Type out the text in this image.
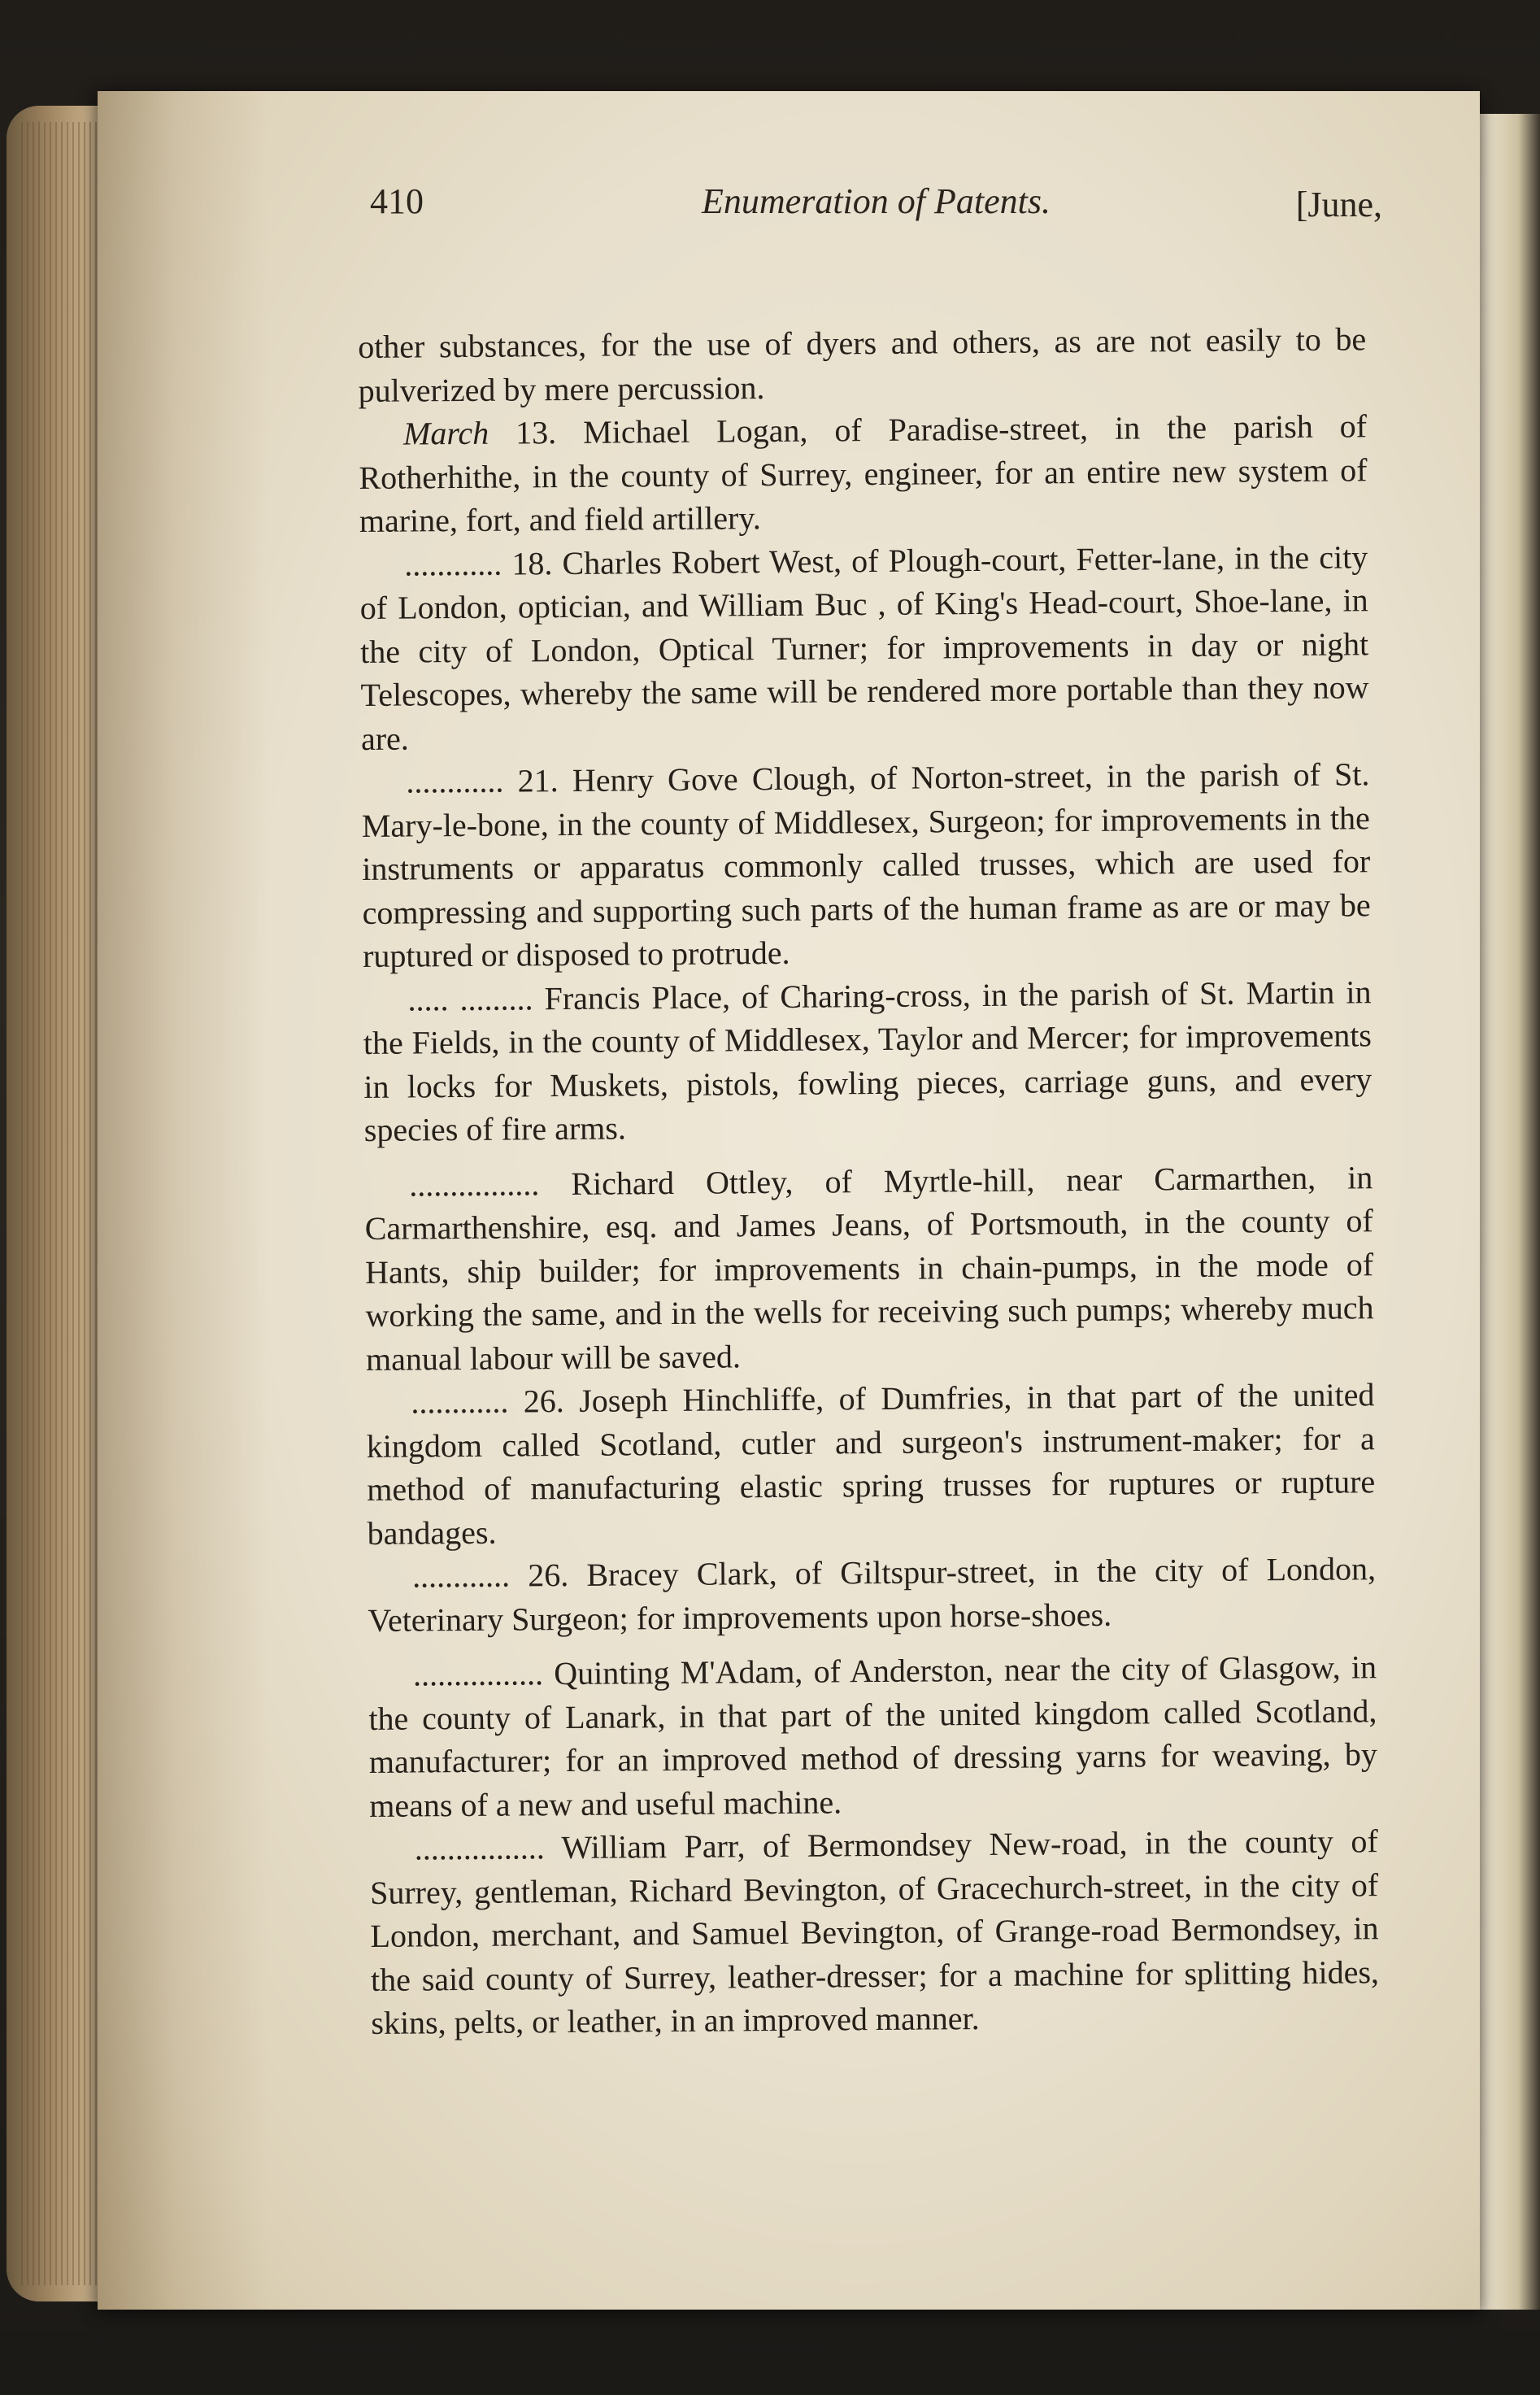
410	Enumeration of Patents.	[June,

other substances, for the use of dyers and others, as are not easily to be pulverized by mere percussion.

March 13. Michael Logan, of Paradise-street, in the parish of Rotherhithe, in the county of Surrey, engineer, for an entire new system of marine, fort, and field artillery.

............ 18. Charles Robert West, of Plough-court, Fetter-lane, in the city of London, optician, and William Buc , of King's Head-court, Shoe-lane, in the city of London, Optical Turner; for improvements in day or night Telescopes, whereby the same will be rendered more portable than they now are.

............ 21. Henry Gove Clough, of Norton-street, in the parish of St. Mary-le-bone, in the county of Middlesex, Surgeon; for improvements in the instruments or apparatus commonly called trusses, which are used for compressing and supporting such parts of the human frame as are or may be ruptured or disposed to protrude.

..... ......... Francis Place, of Charing-cross, in the parish of St. Martin in the Fields, in the county of Middlesex, Taylor and Mercer; for improvements in locks for Muskets, pistols, fowling pieces, carriage guns, and every species of fire arms.

................ Richard Ottley, of Myrtle-hill, near Carmarthen, in Carmarthenshire, esq. and James Jeans, of Portsmouth, in the county of Hants, ship builder; for improvements in chain-pumps, in the mode of working the same, and in the wells for receiving such pumps; whereby much manual labour will be saved.

............ 26. Joseph Hinchliffe, of Dumfries, in that part of the united kingdom called Scotland, cutler and surgeon's instrument-maker; for a method of manufacturing elastic spring trusses for ruptures or rupture bandages.

............ 26. Bracey Clark, of Giltspur-street, in the city of London, Veterinary Surgeon; for improvements upon horse-shoes.

................ Quinting M'Adam, of Anderston, near the city of Glasgow, in the county of Lanark, in that part of the united kingdom called Scotland, manufacturer; for an improved method of dressing yarns for weaving, by means of a new and useful machine.

................ William Parr, of Bermondsey New-road, in the county of Surrey, gentleman, Richard Bevington, of Gracechurch-street, in the city of London, merchant, and Samuel Bevington, of Grange-road Bermondsey, in the said county of Surrey, leather-dresser; for a machine for splitting hides, skins, pelts, or leather, in an improved manner.
